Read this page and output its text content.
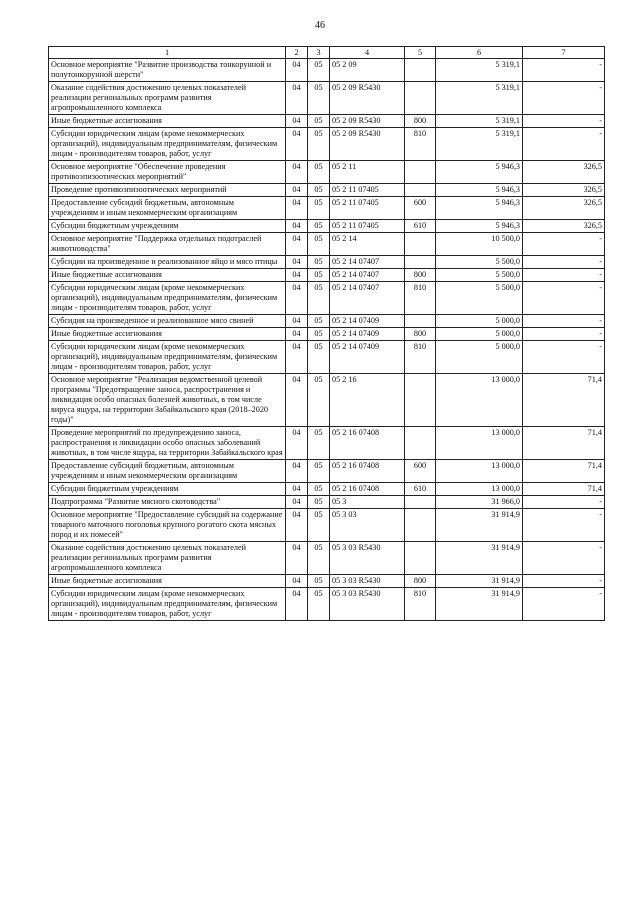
46
1	2	3	4	5	6	7
Основное мероприятие "Развитие производства тонкорунной и полутонкорунной шерсти"	04	05	05 2 09		5 319,1	-
Оказание содействия достижению целевых показателей реализации региональных программ развития агропромышленного комплекса	04	05	05 2 09 R5430		5 319,1	-
Иные бюджетные ассигнования	04	05	05 2 09 R5430	800	5 319,1	-
Субсидии юридическим лицам (кроме некоммерческих организаций), индивидуальным предпринимателям, физическим лицам - производителям товаров, работ, услуг	04	05	05 2 09 R5430	810	5 319,1	-
Основное мероприятие "Обеспечение проведения противоэпизоотических мероприятий"	04	05	05 2 11		5 946,3	326,5
Проведение противоэпизоотических мероприятий	04	05	05 2 11 07405		5 946,3	326,5
Предоставление субсидий бюджетным, автономным учреждениям и иным некоммерческим организациям	04	05	05 2 11 07405	600	5 946,3	326,5
Субсидии бюджетным учреждениям	04	05	05 2 11 07405	610	5 946,3	326,5
Основное мероприятие "Поддержка отдельных подотраслей животноводства"	04	05	05 2 14		10 500,0	-
Субсидии на произведенное и реализованное яйцо и мясо птицы	04	05	05 2 14 07407		5 500,0	-
Иные бюджетные ассигнования	04	05	05 2 14 07407	800	5 500,0	-
Субсидии юридическим лицам (кроме некоммерческих организаций), индивидуальным предпринимателям, физическим лицам - производителям товаров, работ, услуг	04	05	05 2 14 07407	810	5 500,0	-
Субсидия на произведенное и реализованное мясо свиней	04	05	05 2 14 07409		5 000,0	-
Иные бюджетные ассигнования	04	05	05 2 14 07409	800	5 000,0	-
Субсидии юридическим лицам (кроме некоммерческих организаций), индивидуальным предпринимателям, физическим лицам - производителям товаров, работ, услуг	04	05	05 2 14 07409	810	5 000,0	-
Основное мероприятие "Реализация ведомственной целевой программы "Предотвращение заноса, распространения и ликвидация особо опасных болезней животных, в том числе вируса ящура, на территории Забайкальского края (2018–2020 годы)"	04	05	05 2 16		13 000,0	71,4
Проведение мероприятий по предупреждению заноса, распространения и ликвидации особо опасных заболеваний животных, в том числе ящура, на территории Забайкальского края	04	05	05 2 16 07408		13 000,0	71,4
Предоставление субсидий бюджетным, автономным учреждениям и иным некоммерческим организациям	04	05	05 2 16 07408	600	13 000,0	71,4
Субсидии бюджетным учреждениям	04	05	05 2 16 07408	610	13 000,0	71,4
Подпрограмма "Развитие мясного скотоводства"	04	05	05 3		31 966,0	-
Основное мероприятие "Предоставление субсидий на содержание товарного маточного поголовья крупного рогатого скота мясных пород и их помесей"	04	05	05 3 03		31 914,9	-
Оказание содействия достижению целевых показателей реализации региональных программ развития агропромышленного комплекса	04	05	05 3 03 R5430		31 914,9	-
Иные бюджетные ассигнования	04	05	05 3 03 R5430	800	31 914,9	-
Субсидии юридическим лицам (кроме некоммерческих организаций), индивидуальным предпринимателям, физическим лицам - производителям товаров, работ, услуг	04	05	05 3 03 R5430	810	31 914,9	-
